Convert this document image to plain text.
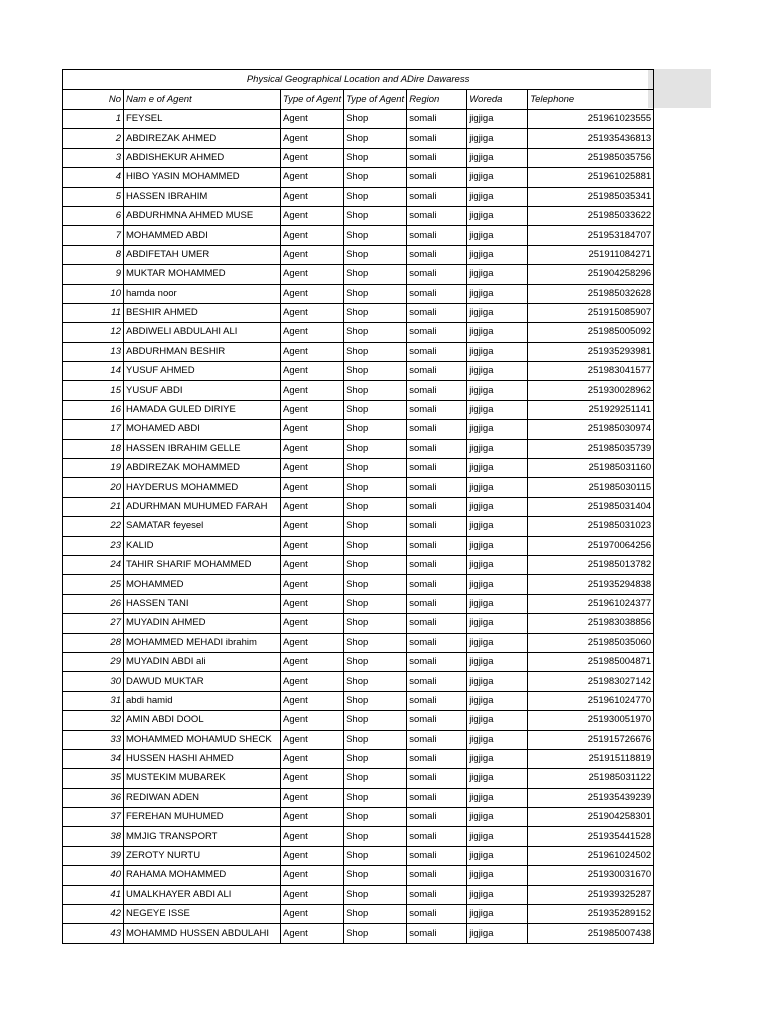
Physical Geographical Location and ADire Dawaress						
No	Nam e of Agent	Type of Agent	Type of Agent	Region	Woreda	Telephone
1	FEYSEL	Agent	Shop	somali	jigjiga	251961023555
2	ABDIREZAK AHMED	Agent	Shop	somali	jigjiga	251935436813
3	ABDISHEKUR AHMED	Agent	Shop	somali	jigjiga	251985035756
4	HIBO YASIN MOHAMMED	Agent	Shop	somali	jigjiga	251961025881
5	HASSEN IBRAHIM	Agent	Shop	somali	jigjiga	251985035341
6	ABDURHMNA AHMED MUSE	Agent	Shop	somali	jigjiga	251985033622
7	MOHAMMED ABDI	Agent	Shop	somali	jigjiga	251953184707
8	ABDIFETAH UMER	Agent	Shop	somali	jigjiga	251911084271
9	MUKTAR MOHAMMED	Agent	Shop	somali	jigjiga	251904258296
10	hamda noor	Agent	Shop	somali	jigjiga	251985032628
11	BESHIR AHMED	Agent	Shop	somali	jigjiga	251915085907
12	ABDIWELI ABDULAHI ALI	Agent	Shop	somali	jigjiga	251985005092
13	ABDURHMAN BESHIR	Agent	Shop	somali	jigjiga	251935293981
14	YUSUF AHMED	Agent	Shop	somali	jigjiga	251983041577
15	YUSUF ABDI	Agent	Shop	somali	jigjiga	251930028962
16	HAMADA GULED DIRIYE	Agent	Shop	somali	jigjiga	251929251141
17	MOHAMED ABDI	Agent	Shop	somali	jigjiga	251985030974
18	HASSEN IBRAHIM GELLE	Agent	Shop	somali	jigjiga	251985035739
19	ABDIREZAK MOHAMMED	Agent	Shop	somali	jigjiga	251985031160
20	HAYDERUS MOHAMMED	Agent	Shop	somali	jigjiga	251985030115
21	ADURHMAN MUHUMED FARAH	Agent	Shop	somali	jigjiga	251985031404
22	SAMATAR feyesel	Agent	Shop	somali	jigjiga	251985031023
23	KALID	Agent	Shop	somali	jigjiga	251970064256
24	TAHIR SHARIF MOHAMMED	Agent	Shop	somali	jigjiga	251985013782
25	MOHAMMED	Agent	Shop	somali	jigjiga	251935294838
26	HASSEN TANI	Agent	Shop	somali	jigjiga	251961024377
27	MUYADIN AHMED	Agent	Shop	somali	jigjiga	251983038856
28	MOHAMMED MEHADI ibrahim	Agent	Shop	somali	jigjiga	251985035060
29	MUYADIN ABDI ali	Agent	Shop	somali	jigjiga	251985004871
30	DAWUD MUKTAR	Agent	Shop	somali	jigjiga	251983027142
31	abdi hamid	Agent	Shop	somali	jigjiga	251961024770
32	AMIN ABDI DOOL	Agent	Shop	somali	jigjiga	251930051970
33	MOHAMMED MOHAMUD SHECK	Agent	Shop	somali	jigjiga	251915726676
34	HUSSEN HASHI AHMED	Agent	Shop	somali	jigjiga	251915118819
35	MUSTEKIM MUBAREK	Agent	Shop	somali	jigjiga	251985031122
36	REDIWAN ADEN	Agent	Shop	somali	jigjiga	251935439239
37	FEREHAN MUHUMED	Agent	Shop	somali	jigjiga	251904258301
38	MMJIG TRANSPORT	Agent	Shop	somali	jigjiga	251935441528
39	ZEROTY NURTU	Agent	Shop	somali	jigjiga	251961024502
40	RAHAMA MOHAMMED	Agent	Shop	somali	jigjiga	251930031670
41	UMALKHAYER ABDI ALI	Agent	Shop	somali	jigjiga	251939325287
42	NEGEYE ISSE	Agent	Shop	somali	jigjiga	251935289152
43	MOHAMMD HUSSEN ABDULAHI	Agent	Shop	somali	jigjiga	251985007438
